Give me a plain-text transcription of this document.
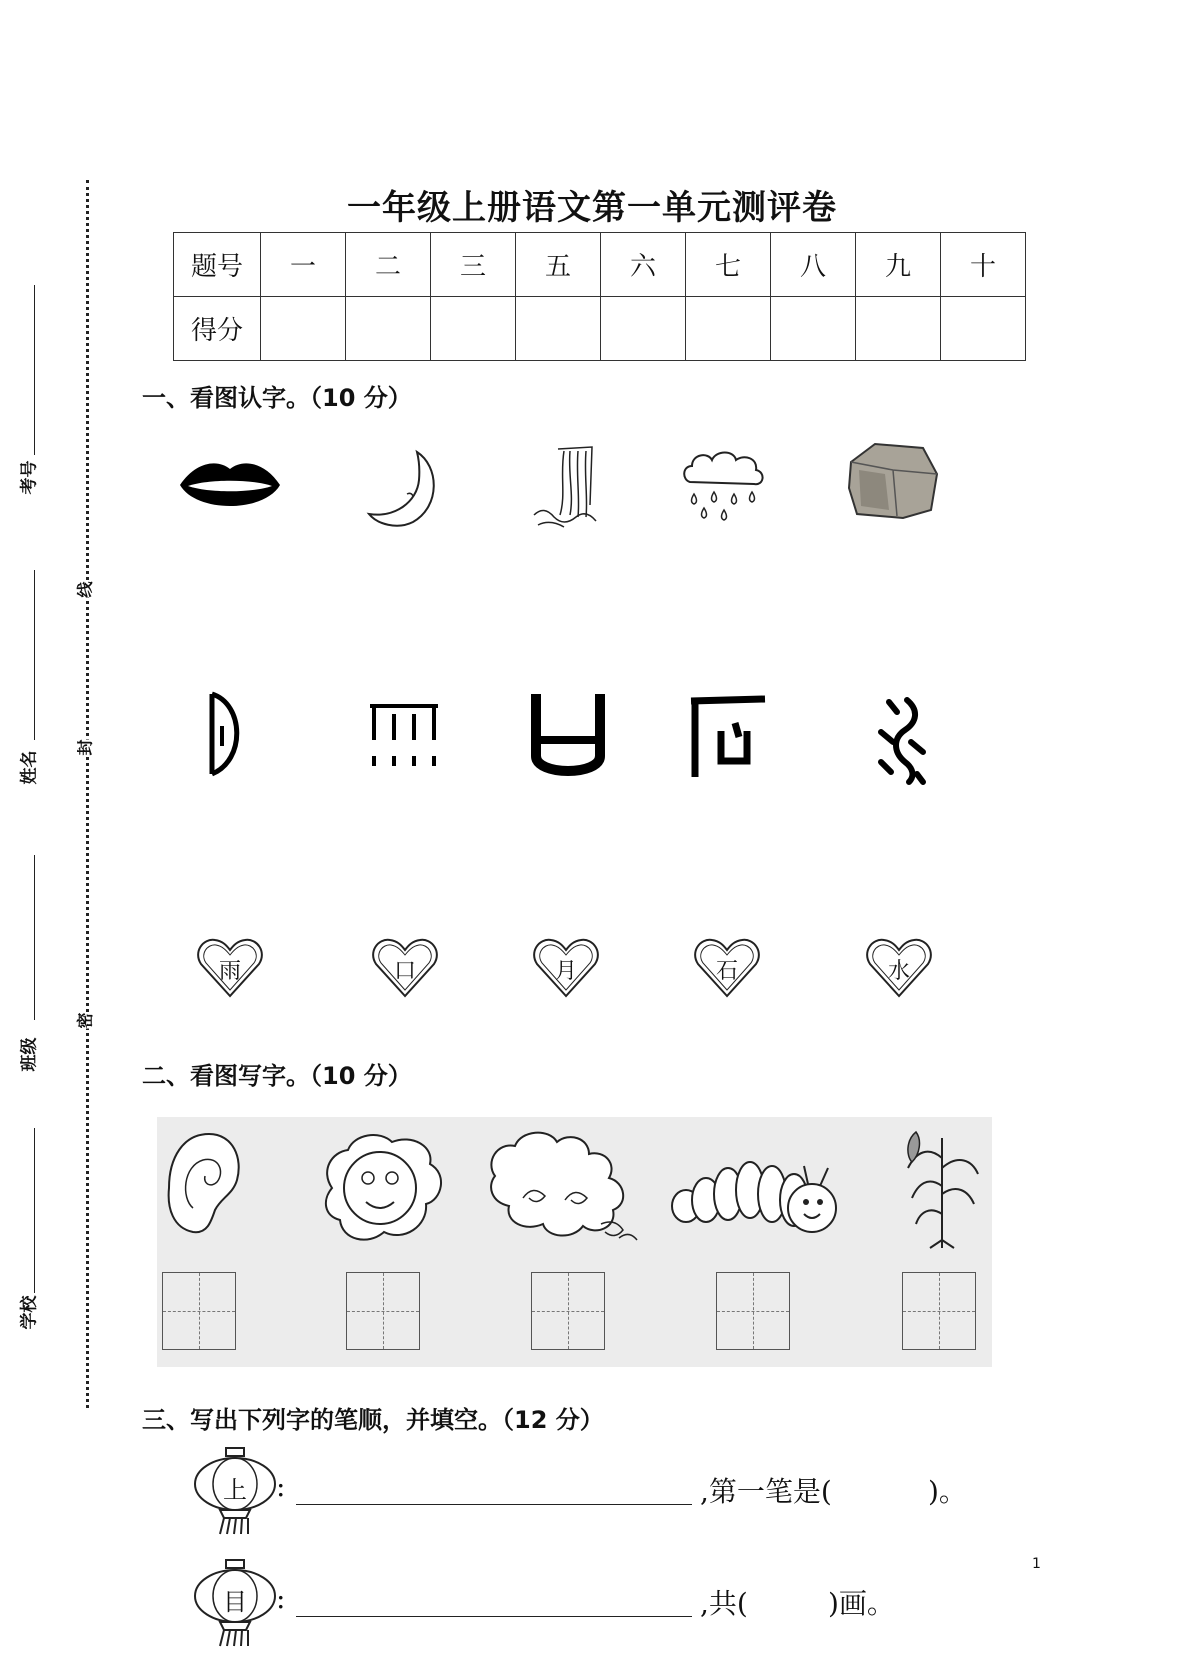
考号
姓名
班级
学校
线
封
密
一年级上册语文第一单元测评卷
题号	一	二	三	五	六	七	八	九	十
得分									
一、看图认字。（10 分）
雨	口	月	石	水
二、看图写字。（10 分）
三、写出下列字的笔顺，并填空。（12 分）
上	:	,第一笔是(	)。
目	:	,共(	)画。
1
